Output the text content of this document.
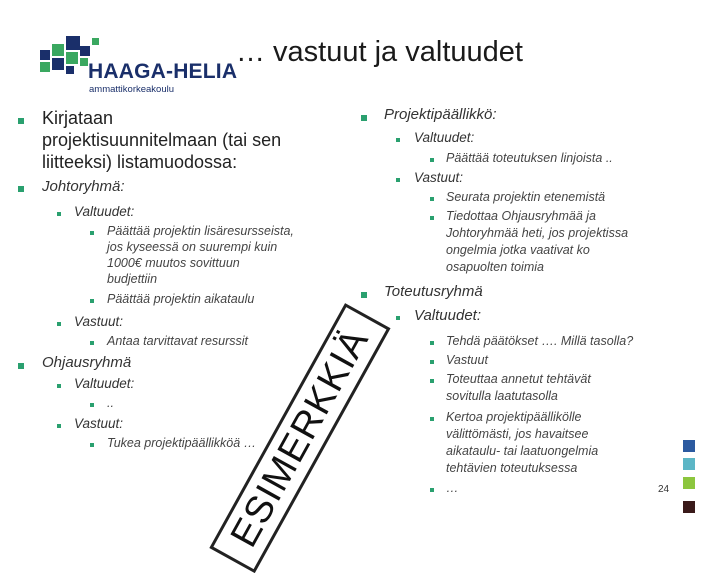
HAAGA-HELIA
ammattikorkeakoulu
… vastuut ja valtuudet
Kirjataan
projektisuunnitelmaan (tai sen
liitteeksi) listamuodossa:
Johtoryhmä:
Valtuudet:
Päättää projektin lisäresursseista,
jos kyseessä on suurempi kuin
1000€ muutos sovittuun
budjettiin
Päättää projektin aikataulu
Vastuut:
Antaa tarvittavat resurssit
Ohjausryhmä
Valtuudet:
..
Vastuut:
Tukea projektipäällikköä …
Projektipäällikkö:
Valtuudet:
Päättää toteutuksen linjoista ..
Vastuut:
Seurata projektin etenemistä
Tiedottaa Ohjausryhmää ja
Johtoryhmää heti, jos projektissa
ongelmia jotka vaativat ko
osapuolten toimia
Toteutusryhmä
Valtuudet:
Tehdä päätökset …. Millä tasolla?
Vastuut
Toteuttaa annetut tehtävät
sovitulla laatutasolla
Kertoa projektipäällikölle
välittömästi, jos havaitsee
aikataulu- tai laatuongelmia
tehtävien toteutuksessa
…
ESIMERKKIÄ	24
